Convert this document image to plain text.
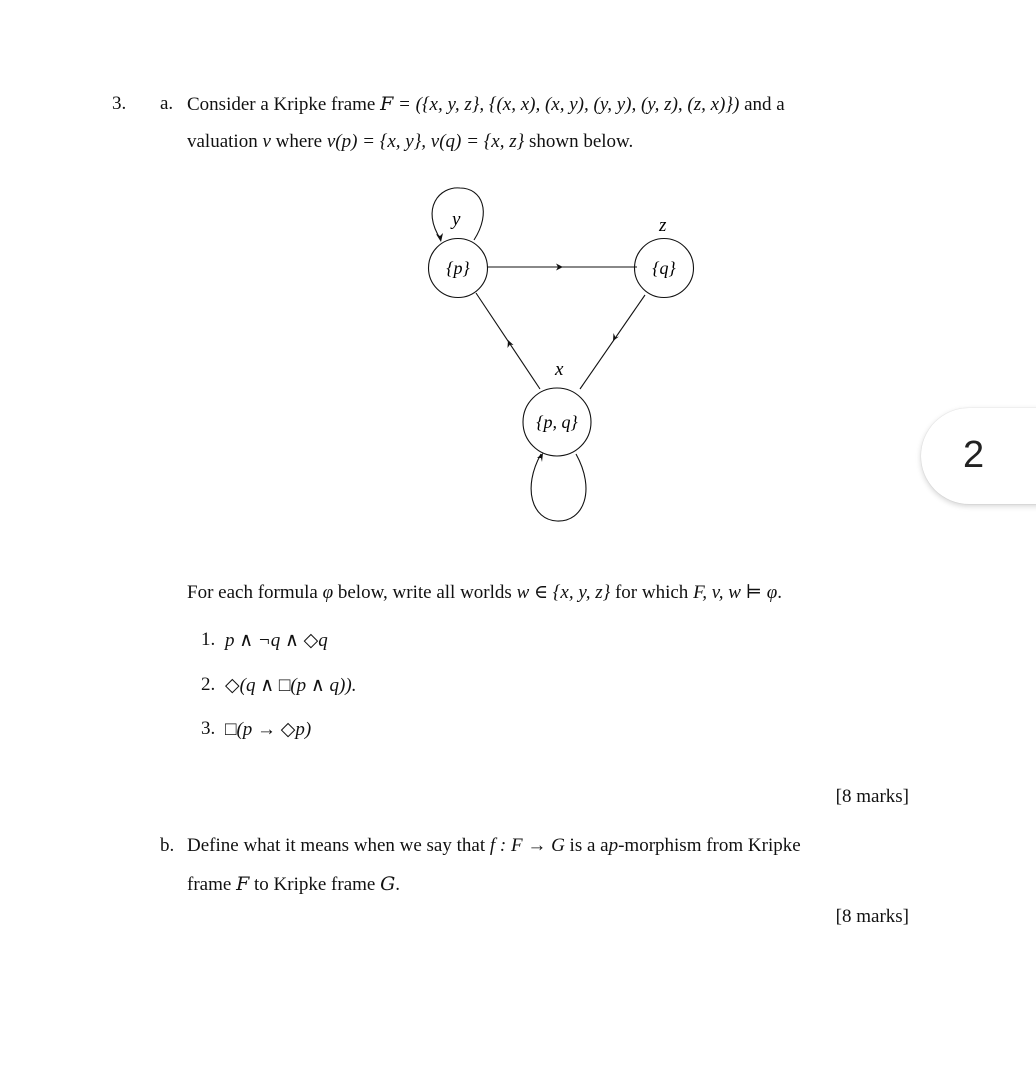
3. a. Consider a Kripke frame F = ({x, y, z}, {(x, x), (x, y), (y, y), (y, z), (z, x)}) and a
valuation v where v(p) = {x, y}, v(q) = {x, z} shown below.
y	z
x
{p}	{q}
{p, q}
For each formula φ below, write all worlds w ∈ {x, y, z} for which F, v, w ⊨ φ.
1. p ∧ ¬q ∧ ◇q
2. ◇(q ∧ □(p ∧ q)).
3. □(p → ◇p)
[8 marks]
b. Define what it means when we say that f : F → G is a ap-morphism from Kripke
frame F to Kripke frame G.
[8 marks]
2
